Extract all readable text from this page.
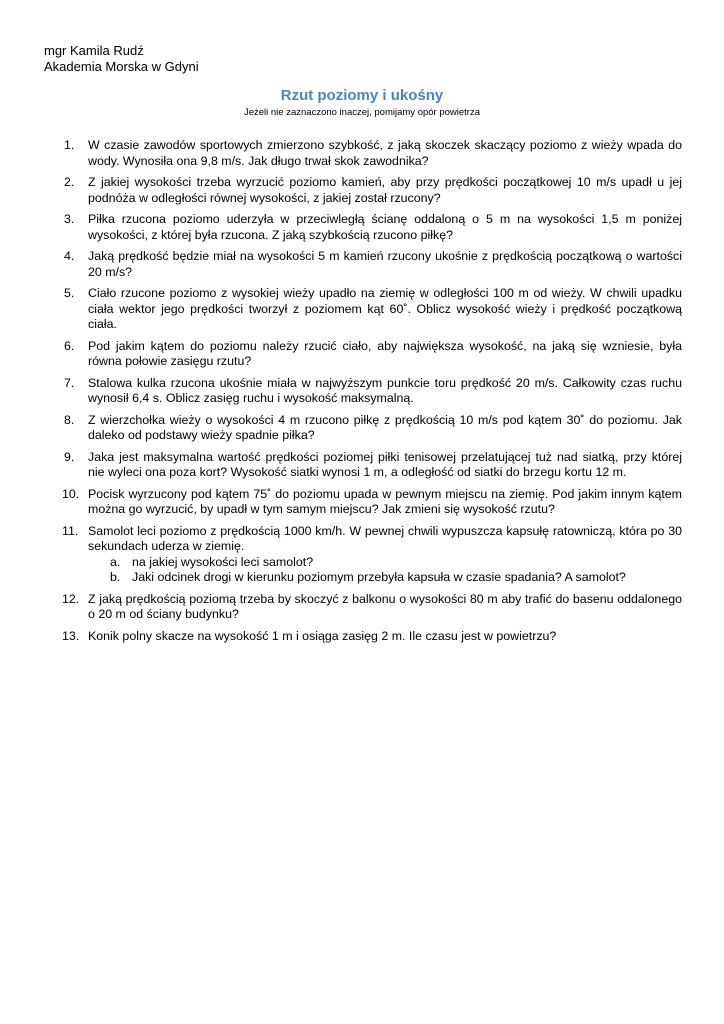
mgr Kamila Rudź
Akademia Morska w Gdyni
Rzut poziomy i ukośny
Jeżeli nie zaznaczono inaczej, pomijamy opór powietrza
1.	W czasie zawodów sportowych zmierzono szybkość, z jaką skoczek skaczący poziomo z wieży wpada do wody. Wynosiła ona 9,8 m/s. Jak długo trwał skok zawodnika?
2.	Z jakiej wysokości trzeba wyrzucić poziomo kamień, aby przy prędkości początkowej 10 m/s upadł u jej podnóża w odległości równej wysokości, z jakiej został rzucony?
3.	Piłka rzucona poziomo uderzyła w przeciwległą ścianę oddaloną o 5 m na wysokości 1,5 m poniżej wysokości, z której była rzucona. Z jaką szybkością rzucono piłkę?
4.	Jaką prędkość będzie miał na wysokości 5 m kamień rzucony ukośnie z prędkością początkową o wartości 20 m/s?
5.	Ciało rzucone poziomo z wysokiej wieży upadło na ziemię w odległości 100 m od wieży. W chwili upadku ciała wektor jego prędkości tworzył z poziomem kąt 60˚. Oblicz wysokość wieży i prędkość początkową ciała.
6.	Pod jakim kątem do poziomu należy rzucić ciało, aby największa wysokość, na jaką się wzniesie, była równa połowie zasięgu rzutu?
7.	Stalowa kulka rzucona ukośnie miała w najwyższym punkcie toru prędkość 20 m/s. Całkowity czas ruchu wynosił 6,4 s. Oblicz zasięg ruchu i wysokość maksymalną.
8.	Z wierzchołka wieży o wysokości 4 m rzucono piłkę z prędkością 10 m/s pod kątem 30˚ do poziomu. Jak daleko od podstawy wieży spadnie piłka?
9.	Jaka jest maksymalna wartość prędkości poziomej piłki tenisowej przelatującej tuż nad siatką, przy której nie wyleci ona poza kort? Wysokość siatki wynosi 1 m, a odległość od siatki do brzegu kortu 12 m.
10. Pocisk wyrzucony pod kątem 75˚ do poziomu upada w pewnym miejscu na ziemię. Pod jakim innym kątem można go wyrzucić, by upadł w tym samym miejscu? Jak zmieni się wysokość rzutu?
11. Samolot leci poziomo z prędkością 1000 km/h. W pewnej chwili wypuszcza kapsułę ratowniczą, która po 30 sekundach uderza w ziemię.
a. na jakiej wysokości leci samolot?
b. Jaki odcinek drogi w kierunku poziomym przebyła kapsuła w czasie spadania? A samolot?
12. Z jaką prędkością poziomą trzeba by skoczyć z balkonu o wysokości 80 m aby trafić do basenu oddalonego o 20 m od ściany budynku?
13. Konik polny skacze na wysokość 1 m i osiąga zasięg 2 m. Ile czasu jest w powietrzu?
